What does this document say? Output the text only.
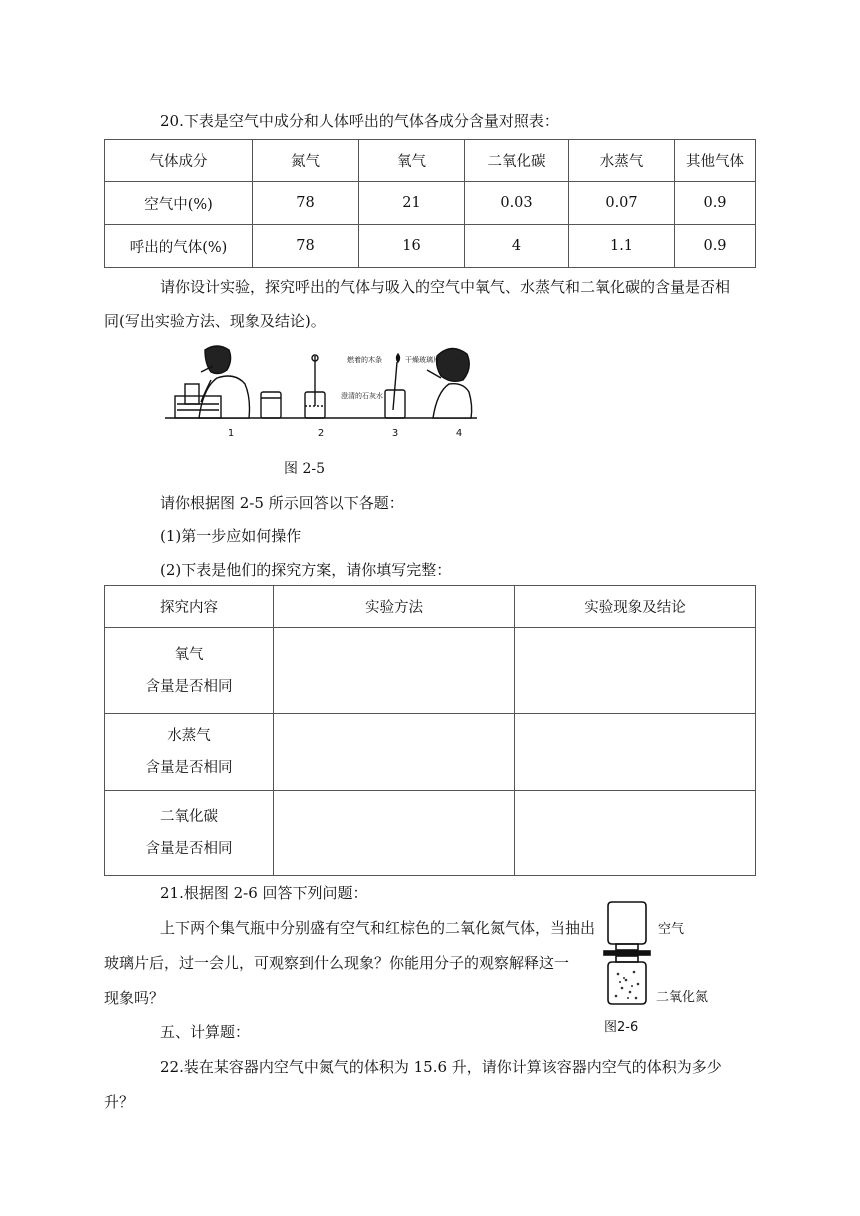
20.下表是空气中成分和人体呼出的气体各成分含量对照表：
气体成分	氮气	氧气	二氧化碳	水蒸气	其他气体
空气中(%)	78	21	0.03	0.07	0.9
呼出的气体(%)	78	16	4	1.1	0.9
请你设计实验，探究呼出的气体与吸入的空气中氧气、水蒸气和二氧化碳的含量是否相
同(写出实验方法、现象及结论)。
澄清的石灰水
燃着的木条	干燥玻璃片
1	2	3	4
图 2-5
请你根据图 2-5 所示回答以下各题：
(1)第一步应如何操作
(2)下表是他们的探究方案，请你填写完整：
探究内容	实验方法	实验现象及结论

氧气
含量是否相同		

水蒸气
含量是否相同		

二氧化碳
含量是否相同		

21.根据图 2-6 回答下列问题：
上下两个集气瓶中分别盛有空气和红棕色的二氧化氮气体，当抽出
玻璃片后，过一会儿，可观察到什么现象？你能用分子的观察解释这一
现象吗？
空气
二氧化氮
图2-6
五、计算题：
22.装在某容器内空气中氮气的体积为 15.6 升，请你计算该容器内空气的体积为多少
升？
